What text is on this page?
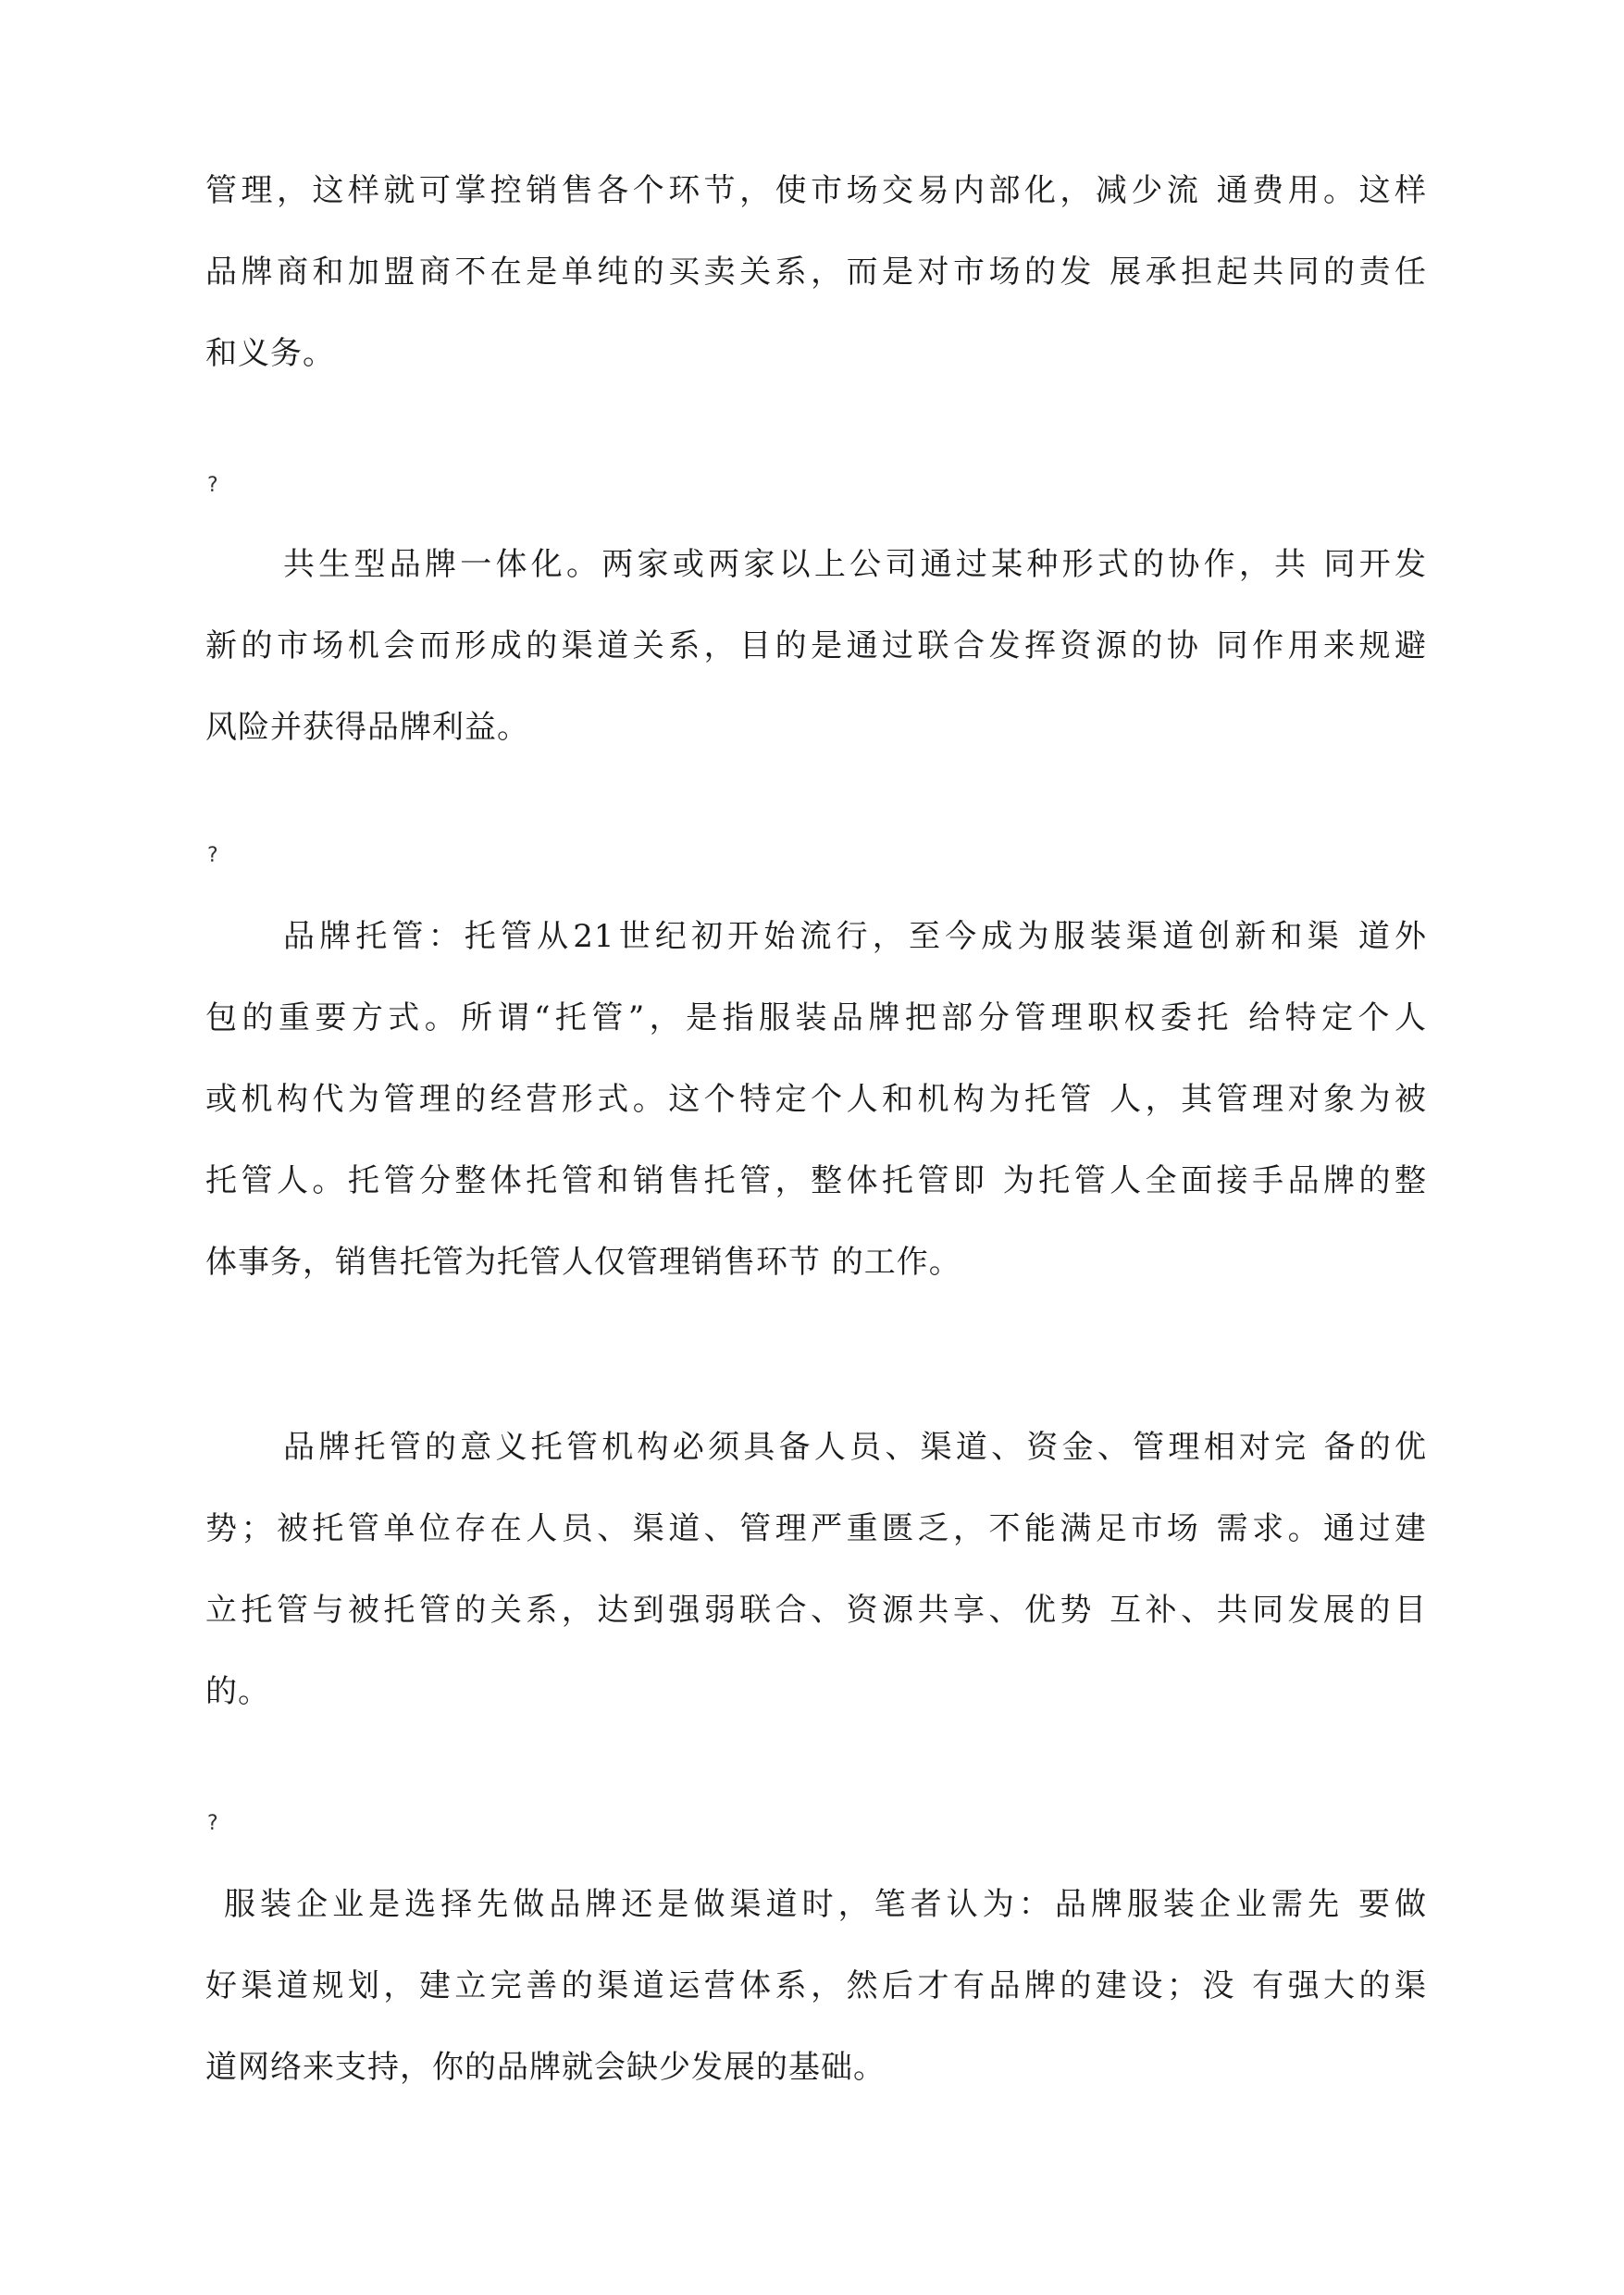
管理，这样就可掌控销售各个环节，使市场交易内部化，减少流 通费用。这样
品牌商和加盟商不在是单纯的买卖关系，而是对市场的发 展承担起共同的责任
和义务。
?
共生型品牌一体化。两家或两家以上公司通过某种形式的协作，共 同开发
新的市场机会而形成的渠道关系，目的是通过联合发挥资源的协 同作用来规避
风险并获得品牌利益。
?
品牌托管：托管从21世纪初开始流行，至今成为服装渠道创新和渠 道外
包的重要方式。所谓“托管”，是指服装品牌把部分管理职权委托 给特定个人
或机构代为管理的经营形式。这个特定个人和机构为托管 人，其管理对象为被
托管人。托管分整体托管和销售托管，整体托管即 为托管人全面接手品牌的整
体事务，销售托管为托管人仅管理销售环节 的工作。
品牌托管的意义托管机构必须具备人员、渠道、资金、管理相对完 备的优
势；被托管单位存在人员、渠道、管理严重匮乏，不能满足市场 需求。通过建
立托管与被托管的关系，达到强弱联合、资源共享、优势 互补、共同发展的目
的。
?
服装企业是选择先做品牌还是做渠道时，笔者认为：品牌服装企业需先 要做
好渠道规划，建立完善的渠道运营体系，然后才有品牌的建设；没 有强大的渠
道网络来支持，你的品牌就会缺少发展的基础。
